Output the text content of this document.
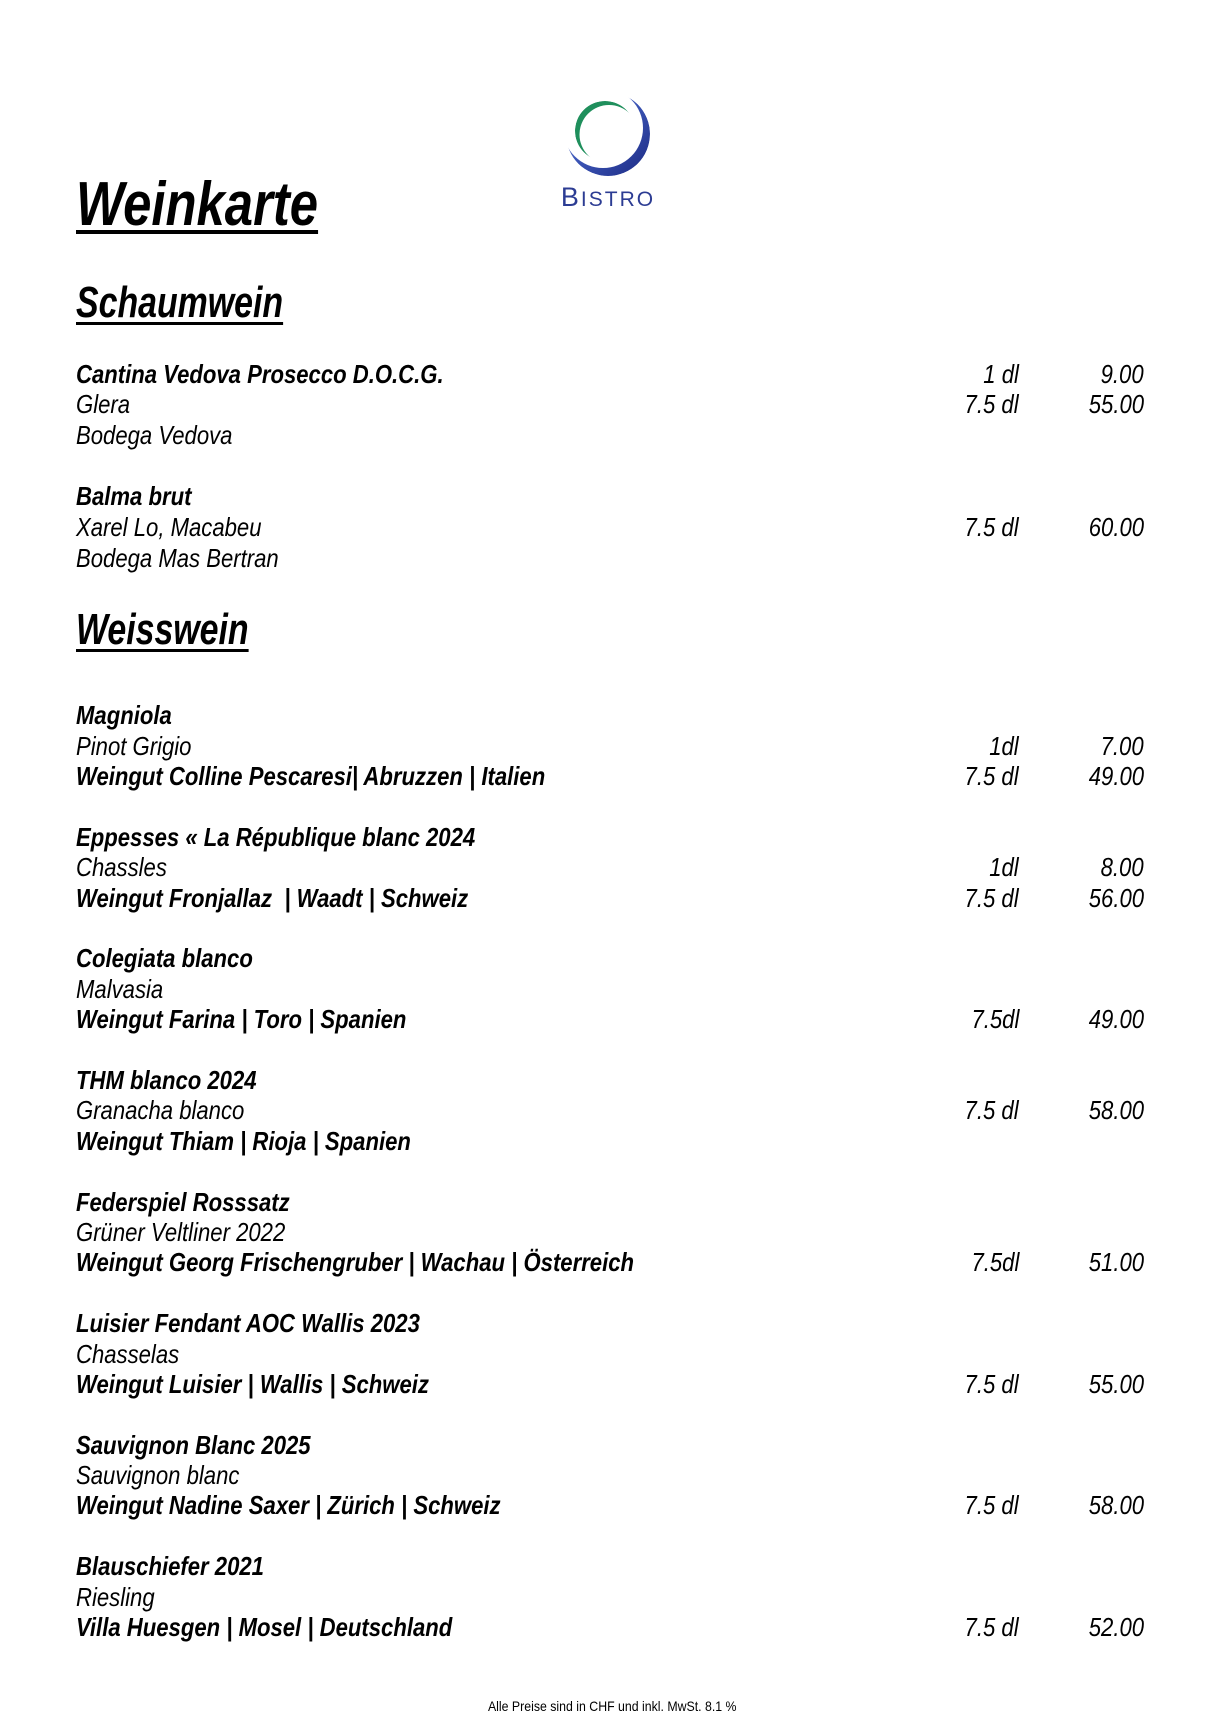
BISTRO
Weinkarte
Schaumwein
Cantina Vedova Prosecco D.O.C.G.	1 dl	9.00
Glera	7.5 dl	55.00
Bodega Vedova
Balma brut
Xarel Lo, Macabeu	7.5 dl	60.00
Bodega Mas Bertran
Weisswein
Magniola
Pinot Grigio	1dl	7.00
Weingut Colline Pescaresi| Abruzzen | Italien	7.5 dl	49.00
Eppesses « La République blanc 2024
Chassles	1dl	8.00
Weingut Fronjallaz  | Waadt | Schweiz	7.5 dl	56.00
Colegiata blanco
Malvasia
Weingut Farina | Toro | Spanien	7.5dl	49.00
THM blanco 2024
Granacha blanco	7.5 dl	58.00
Weingut Thiam | Rioja | Spanien
Federspiel Rosssatz
Grüner Veltliner 2022
Weingut Georg Frischengruber | Wachau | Österreich	7.5dl	51.00
Luisier Fendant AOC Wallis 2023
Chasselas
Weingut Luisier | Wallis | Schweiz	7.5 dl	55.00
Sauvignon Blanc 2025
Sauvignon blanc
Weingut Nadine Saxer | Zürich | Schweiz	7.5 dl	58.00
Blauschiefer 2021
Riesling
Villa Huesgen | Mosel | Deutschland	7.5 dl	52.00
Alle Preise sind in CHF und inkl. MwSt. 8.1 %
